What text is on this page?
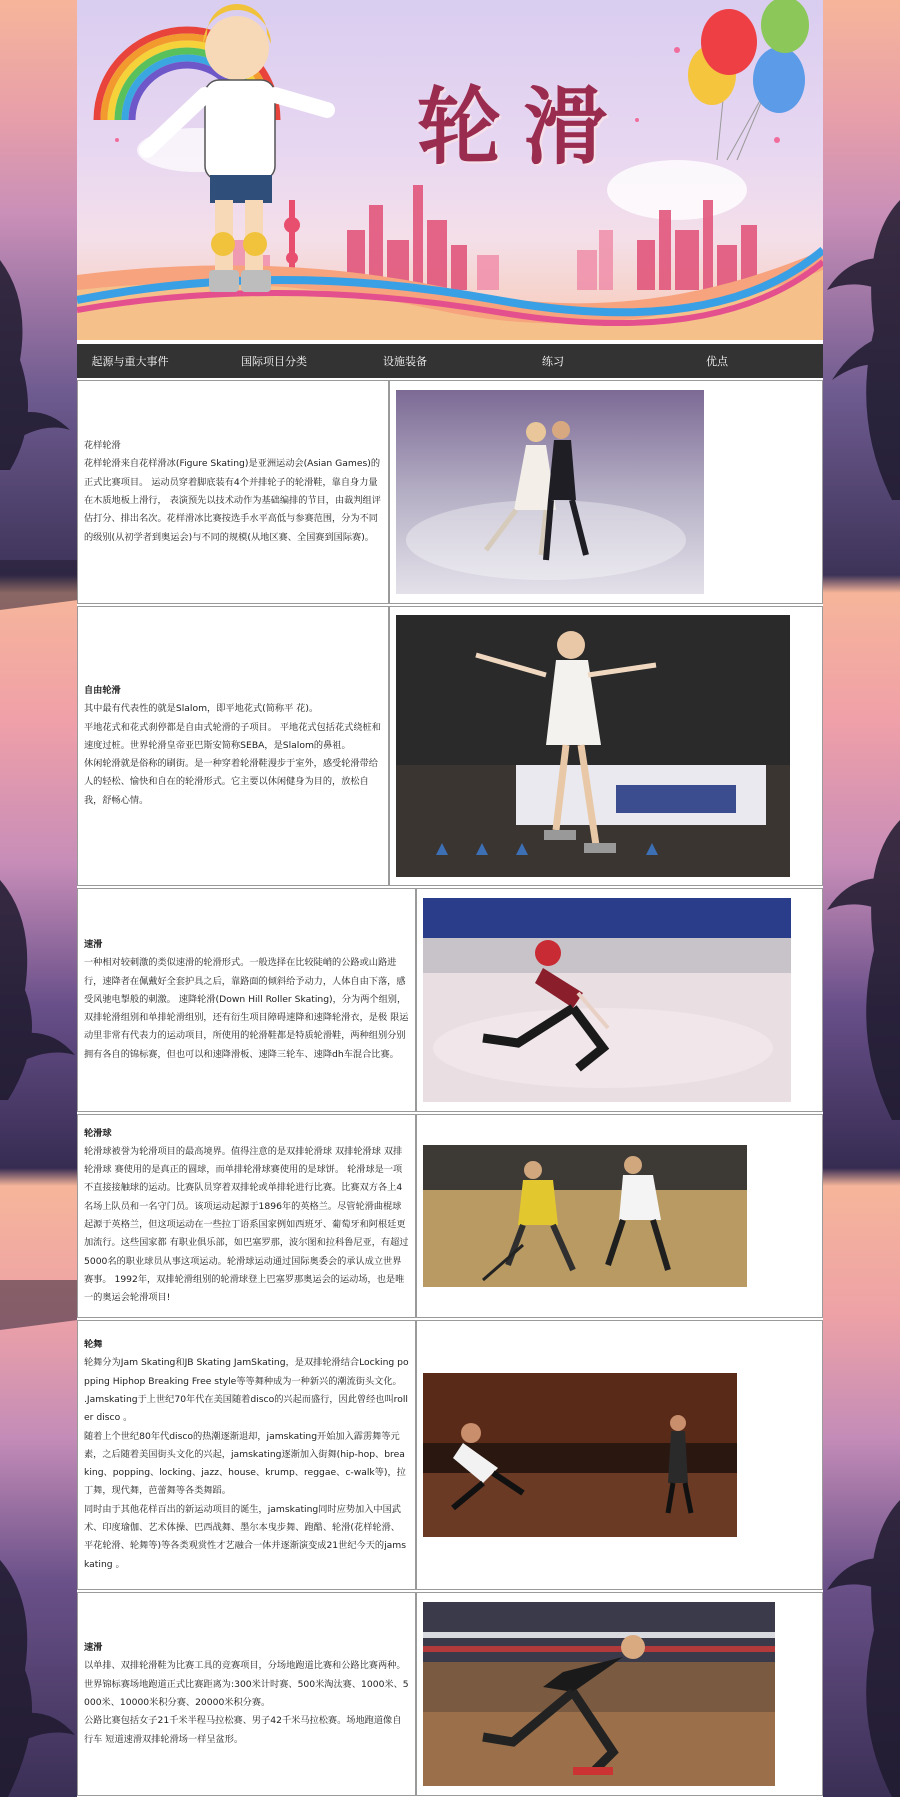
轮滑
起源与重大事件	国际项目分类	设施装备	练习	优点
花样轮滑

花样轮滑来自花样滑冰(Figure Skating)是亚洲运动会(Asian Games)的正式比赛项目。 运动员穿着脚底装有4个并排轮子的轮滑鞋，靠自身力量在木质地板上滑行， 表演预先以技术动作为基础编排的节目，由裁判组评估打分、排出名次。花样滑冰比赛按选手水平高低与参赛范围，分为不同的级别(从初学者到奥运会)与不同的规模(从地区赛、全国赛到国际赛)。

自由轮滑

其中最有代表性的就是Slalom，即平地花式(简称平 花)。

平地花式和花式刹停都是自由式轮滑的子项目。 平地花式包括花式绕桩和速度过桩。世界轮滑皇帝亚巴斯安简称SEBA，是Slalom的鼻祖。

休闲轮滑就是俗称的刷街。是一种穿着轮滑鞋漫步于室外，感受轮滑带给人的轻松、愉快和自在的轮滑形式。它主要以休闲健身为目的，放松自我，舒畅心情。

速滑

一种相对较刺激的类似速滑的轮滑形式。一般选择在比较陡峭的公路或山路进行，速降者在佩戴好全套护具之后，靠路面的倾斜给予动力，人体自由下落，感受风驰电掣般的刺激。 速降轮滑(Down Hill Roller Skating)，分为两个组别，双排轮滑组别和单排轮滑组别，还有衍生项目障碍速降和速降轮滑衣，是极 限运动里非常有代表力的运动项目，所使用的轮滑鞋都是特质轮滑鞋，两种组别分别拥有各自的锦标赛，但也可以和速降滑板、速降三轮车、速降dh车混合比赛。

轮滑球

轮滑球被誉为轮滑项目的最高境界。值得注意的是双排轮滑球 双排轮滑球 双排轮滑球 赛使用的是真正的圆球，而单排轮滑球赛使用的是球饼。 轮滑球是一项不直接接触球的运动。比赛队员穿着双排轮或单排轮进行比赛。比赛双方各上4名场上队员和一名守门员。该项运动起源于1896年的英格兰。尽管轮滑曲棍球起源于英格兰，但这项运动在一些拉丁语系国家例如西班牙、葡萄牙和阿根廷更加流行。这些国家都 有职业俱乐部，如巴塞罗那，波尔图和拉科鲁尼亚，有超过5000名的职业球员从事这项运动。轮滑球运动通过国际奥委会的承认成立世界赛事。 1992年，双排轮滑组别的轮滑球登上巴塞罗那奥运会的运动场，也是唯一的奥运会轮滑项目!

轮舞

轮舞分为Jam Skating和JB Skating JamSkating，是双排轮滑结合Locking popping Hiphop Breaking Free style等等舞种成为一种新兴的潮流街头文化。

.Jamskating于上世纪70年代在美国随着disco的兴起而盛行，因此曾经也叫roller disco 。

随着上个世纪80年代disco的热潮逐渐退却，jamskating开始加入霹雳舞等元素，之后随着美国街头文化的兴起，jamskating逐渐加入街舞(hip-hop、breaking、popping、locking、jazz、house、krump、reggae、c-walk等)，拉丁舞，现代舞，芭蕾舞等各类舞蹈。

同时由于其他花样百出的新运动项目的诞生，jamskating同时应势加入中国武术、印度瑜伽、艺术体操、巴西战舞、墨尔本曳步舞、跑酷、轮滑(花样轮滑、平花轮滑、轮舞等)等各类观赏性才艺融合一体并逐渐演变成21世纪今天的jamskating 。

速滑

以单排、双排轮滑鞋为比赛工具的竞赛项目，分场地跑道比赛和公路比赛两种。

世界锦标赛场地跑道正式比赛距离为:300米计时赛、500米淘汰赛、1000米、5000米、10000米积分赛、20000米积分赛。

公路比赛包括女子21千米半程马拉松赛、男子42千米马拉松赛。场地跑道像自行车 短道速滑双排轮滑场一样呈盆形。
